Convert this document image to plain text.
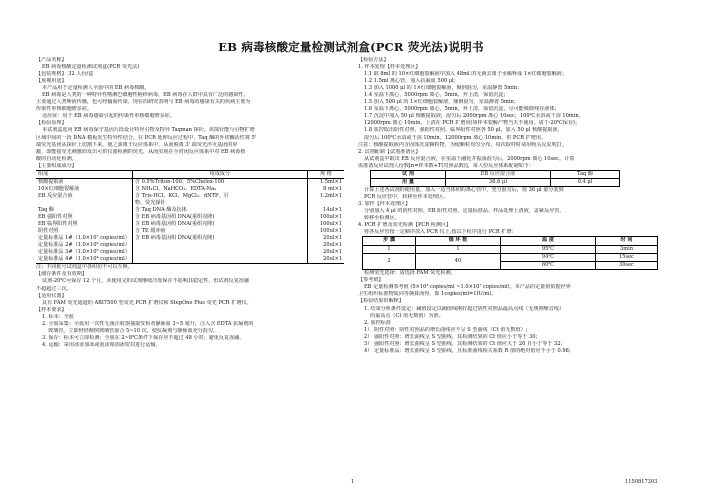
EB 病毒核酸定量检测试剂盒(PCR 荧光法)说明书
【产品名称】
EB 病毒核酸定量检测试剂盒(PCR 荧光法)
【包装规格】 32 人份/盒
【预期用途】
本产品用于定量检测人全血中的 EB 病毒核酸。
EB 病毒是人类的一种特异性嗜淋巴细胞性疱疹病毒，EB 病毒在人群中具有广泛的感染性。
主要通过人类唾液传播，也可经输血传染。现在的研究表明与 EB 病毒的感染有关的疾病主要为
传染性单核细胞增多症。
适应症：用于 EB 病毒感染引起的传染性单核细胞增多症。
【检验原理】
本试剂盒选用 EB 病毒保守基因片段设计特异引物及特异 Taqman 探针，该探针能与引物扩增
区域中间的一段 DNA 模板发生特异性结合。在 PCR 延伸反应过程中，Taq 酶的外切酶活性将 5'
端荧光基团从探针上切割下来，使之游离于反应体系中，从而脱离 3' 端荧光淬灭基团的屏
蔽，即能接受光刺激而发出可供仪器检测的荧光，从而实现在全封闭反应体系中对 EB 病毒核
酸的自动化检测。
【主要组成成分】
组成	组成成分	规 格
核酸提取液	含 0.5%Triton-100、5%Chelex-100	1.5ml×1
10×红细胞裂解液	含 NH₄Cl、NaHCO₃、EDTA-Na₂	8 ml×1
EB 反应混合液	含 Tris-HCl、KCl、MgCl₂、dNTP、引	1.2ml×1
	物、荧光探针	
Taq 酶	含 Taq DNA 酶及抗体	14ul×1
EB 强阳性对照	含 EB 病毒基因组 DNA(重组克隆)	100ul×1
EB 临界阳性对照	含 EB 病毒基因组 DNA(重组克隆)	100ul×1
阴性对照	含 TE 缓冲液	100ul×1
定量标准品 1#（1.0×10⁷ copies/ml）	含 EB 病毒基因组 DNA(重组克隆)	20ul×1
定量标准品 2#（1.0×10⁶ copies/ml）		20ul×1
定量标准品 3#（1.0×10⁵ copies/ml）		20ul×1
定量标准品 4#（1.0×10⁴ copies/ml）		20ul×1
注：不同批号试剂盒中各组份不可以互换。
【储存条件及有效期】
试剂-20℃可保存 12 个月，未使用完的试剂继续冷冻保存不影响其稳定性，但试剂反复冻融
不超超过三次。
【适用仪器】
具有 FAM 荧光通道的 ABI7500 型荧光 PCR 扩增仪和 StepOne Plus 荧光 PCR 扩增仪。
【样本要求】
1. 标本：全血
2. 全血采集：全血用一次性无菌注射器抽取受检者静脉血 3~5 毫升，注入含 EDTA 抗凝剂的
玻璃管，立即轻轻颠倒玻璃管混合 5~10 次，使抗凝剂与静脉血充分混匀。
3. 保存：标本可立即检测；全血在 2~8℃条件下保存应不超过 48 小时；避免反复冻融。
4. 运输：采用冰壶加冰或泡沫箱加冰密封进行运输。
【检验方法】
1. 样本处理【样本处理区】
1.1 取 8ml 的 10×红细胞裂解液中加入 48ml 的无菌去离子水稀释成 1×红细胞裂解液；
1.2 1.5ml 离心管，加入抗凝血 500 μl；
1.3 加入 1000 μl 的 1×红细胞裂解液，颠倒混匀，室温静置 5min；
1.4 室温下离心，5000rpm 离心，5min，弃上清，保留沉淀；
1.5 加入 500 μl 的 1×红细胞裂解液，颠倒混匀，室温静置 5min；
1.6 室温下离心，5000rpm 离心，5min，弃上清，保留沉淀，尽可能吸除残存液体；
1.7 沉淀中加入 50 μl 核酸提取液，混匀后 2000rpm 离心 10sec，100℃水浴或干浴 10min，
12000rpm 离心 10min，上清在 PCR 扩增用(如样本裂解产物当天不使用，请于-20℃保存)；
1.8 质控取出阴性对照、强阳性对照、临界阳性对照各 50 μl，加入 50 μl 核酸提取液，
混匀后 100℃水浴或干浴 10min，12000rpm 离心 10min，供 PCR 扩增用。
注意：核酸提取液内含固体沉淀颗粒物，为使颗粒均匀分布，每次取样时请用吸头反复吹打。
2. 试剂配制【试剂准备区】
从试剂盒中取出 EB 反应混合液，在室温下融化并振荡混匀后，2000rpm 离心 10sec。计算
需准备反应试剂人份数[n=样本数+T(对照品数)]，每人份反应体系配制如下：
试 剂	EB 反应混合液	Taq 酶
用 量	36.6 μl	0.4 μl
计算上述各试剂的使用量，加入一适当体积的离心管中，充分混匀后，按 36 μl 量分装到
PCR 反应管中，转移至样本处理区。
3. 加样【样本处理区】
分别加入 4 μl 的阴性对照、EB 阳性对照、定量标准品、样品处理上清液，盖紧反应管，
转移至检测区。
4. PCR 扩增及荧光检测【PCR 检测区】
将各反应管按一定顺序放入 PCR 仪上,按以下程序进行 PCR 扩增：
步 骤	循 环 数	温 度	时 间
1	1	95℃	3min
2	40	94℃	15sec
		60℃	30sec
检测荧光选择：请选择 FAM 荧光检测。
【参考值】
EB 定量检测参考值 (5×10² copies/ml ~1.0×10⁷ copies/ml)。本产品的定量值依据世界
卫生组织标准物质同等换算而得，即 1copies/ml=1IU/ml。
【检验结果的解释】
1. 结果分析条件设定：阈值设定以阈值线刚好超过阴性对照品最高点线（无规则噪音线）
的最高点（Ct 值无数值）为准。
2. 质控标准
1） 阴性对照：阴性对照品的增长曲线应不呈 S 型曲线（Ct 值无数值）;
2） 强阳性对照：增长曲线呈 S 型曲线，其检测结果的 Ct 值应小于等于 30；
3） 强阳性对照：增长曲线呈 S 型曲线，其检测结果的 Ct 值应大于 20 且小于等于 32；
4） 定量标准品：增长曲线呈 S 型曲线，且标准曲线相关系数 R 值的绝对值应不小于 0.98；
1	1150817303
